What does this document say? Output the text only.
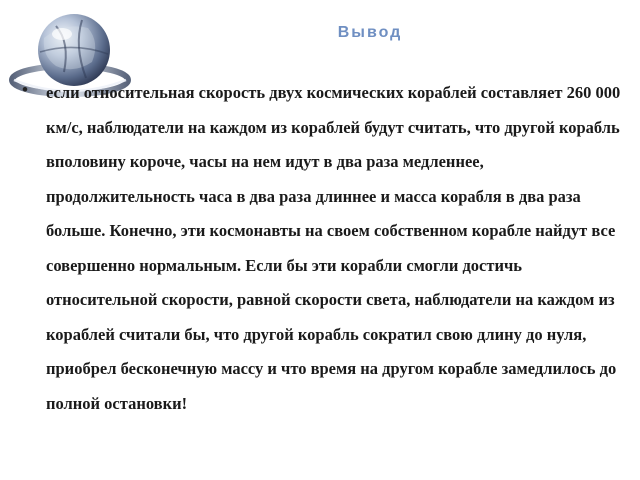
Вывод
• если относительная скорость двух космических кораблей составляет 260 000 км/с, наблюдатели на каждом из кораблей будут считать, что другой корабль вполовину короче, часы на нем идут в два раза медленнее, продолжительность часа в два раза длиннее и масса корабля в два раза больше. Конечно, эти космонавты на своем собственном корабле найдут все совершенно нормальным. Если бы эти корабли смогли достичь относительной скорости, равной скорости света, наблюдатели на каждом из кораблей считали бы, что другой корабль сократил свою длину до нуля, приобрел бесконечную массу и что время на другом корабле замедлилось до полной остановки!
